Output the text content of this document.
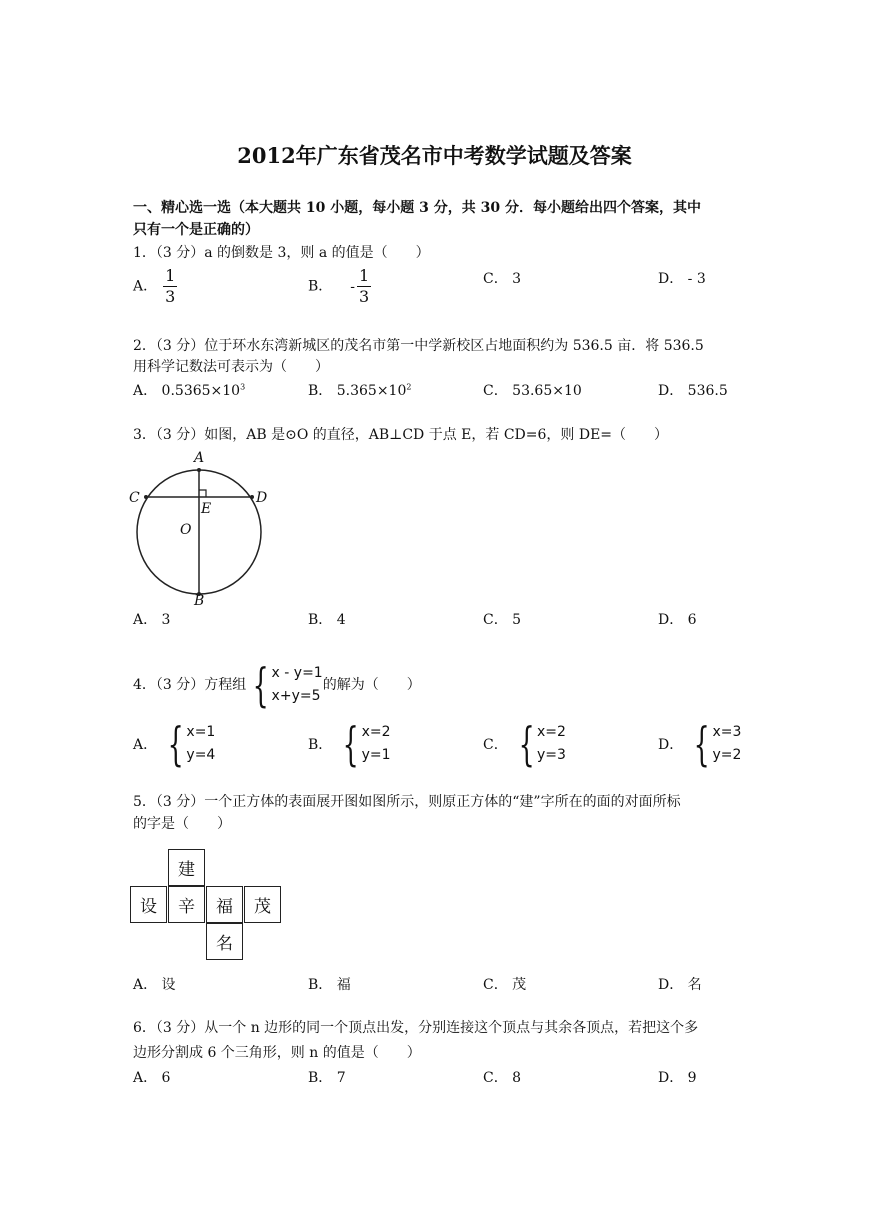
2012年广东省茂名市中考数学试题及答案
一、精心选一选（本大题共 10 小题，每小题 3 分，共 30 分．每小题给出四个答案，其中
只有一个是正确的）
1．（3 分）a 的倒数是 3，则 a 的值是（　　）
A． $\frac{1}{3}$	B． - $\frac{1}{3}$	C． 3	D． - 3
2．（3 分）位于环水东湾新城区的茂名市第一中学新校区占地面积约为 536.5 亩．将 536.5
用科学记数法可表示为（　　）
A． $0.5365\times 10^3$	B． $5.365\times 10^2$	C． 53.65×10	D． 536.5
3．（3 分）如图，AB 是⊙O 的直径，AB⊥CD 于点 E，若 CD=6，则 DE=（　　）
A
B
C	D
E
O
A． 3	B． 4	C． 5	D． 6
4．（3 分）方程组 { x - y=1
x+y=5
的解为（　　）
A． { x=1
y=4
B． { x=2
y=1
C． { x=2
y=3
D． { x=3
y=2
5．（3 分）一个正方体的表面展开图如图所示，则原正方体的“建”字所在的面的对面所标
的字是（　　）
建
设	辛	福	茂
名
A． 设	B． 福	C． 茂	D． 名
6．（3 分）从一个 n 边形的同一个顶点出发，分别连接这个顶点与其余各顶点，若把这个多
边形分割成 6 个三角形，则 n 的值是（　　）
A． 6	B． 7	C． 8	D． 9
